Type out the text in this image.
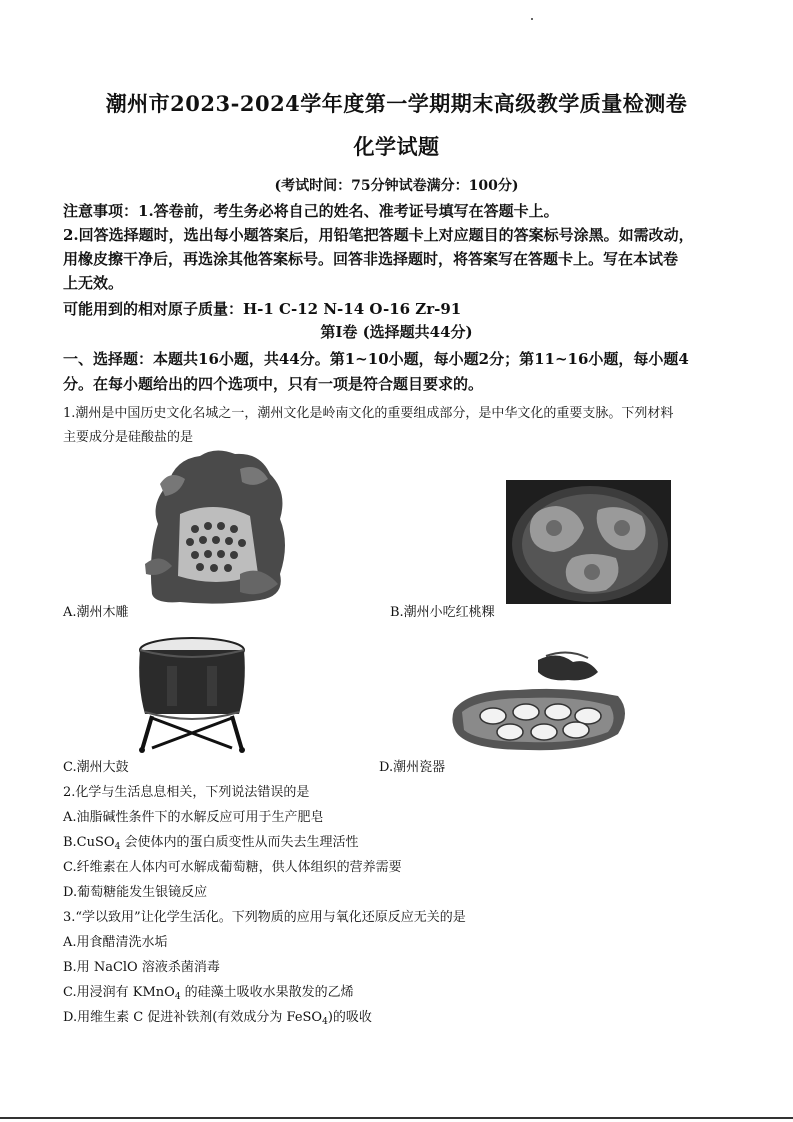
潮州市2023-2024学年度第一学期期末高级教学质量检测卷
化学试题
(考试时间：75分钟试卷满分：100分)
注意事项：1.答卷前，考生务必将自己的姓名、准考证号填写在答题卡上。
2.回答选择题时，选出每小题答案后，用铅笔把答题卡上对应题目的答案标号涂黑。如需改动，
用橡皮擦干净后，再选涂其他答案标号。回答非选择题时，将答案写在答题卡上。写在本试卷
上无效。
可能用到的相对原子质量：H-1 C-12 N-14 O-16 Zr-91
第Ⅰ卷 (选择题共44分)
一、选择题：本题共16小题，共44分。第1~10小题，每小题2分；第11~16小题，每小题4
分。在每小题给出的四个选项中，只有一项是符合题目要求的。
1.潮州是中国历史文化名城之一，潮州文化是岭南文化的重要组成部分，是中华文化的重要支脉。下列材料
主要成分是硅酸盐的是
A.潮州木雕	B.潮州小吃红桃粿
C.潮州大鼓	D.潮州瓷器
2.化学与生活息息相关，下列说法错误的是
A.油脂碱性条件下的水解反应可用于生产肥皂
B.CuSO$_4$ 会使体内的蛋白质变性从而失去生理活性
C.纤维素在人体内可水解成葡萄糖，供人体组织的营养需要
D.葡萄糖能发生银镜反应
3.“学以致用”让化学生活化。下列物质的应用与氧化还原反应无关的是
A.用食醋清洗水垢
B.用 NaClO 溶液杀菌消毒
C.用浸润有 KMnO$_4$ 的硅藻土吸收水果散发的乙烯
D.用维生素 C 促进补铁剂(有效成分为 FeSO$_4$)的吸收
